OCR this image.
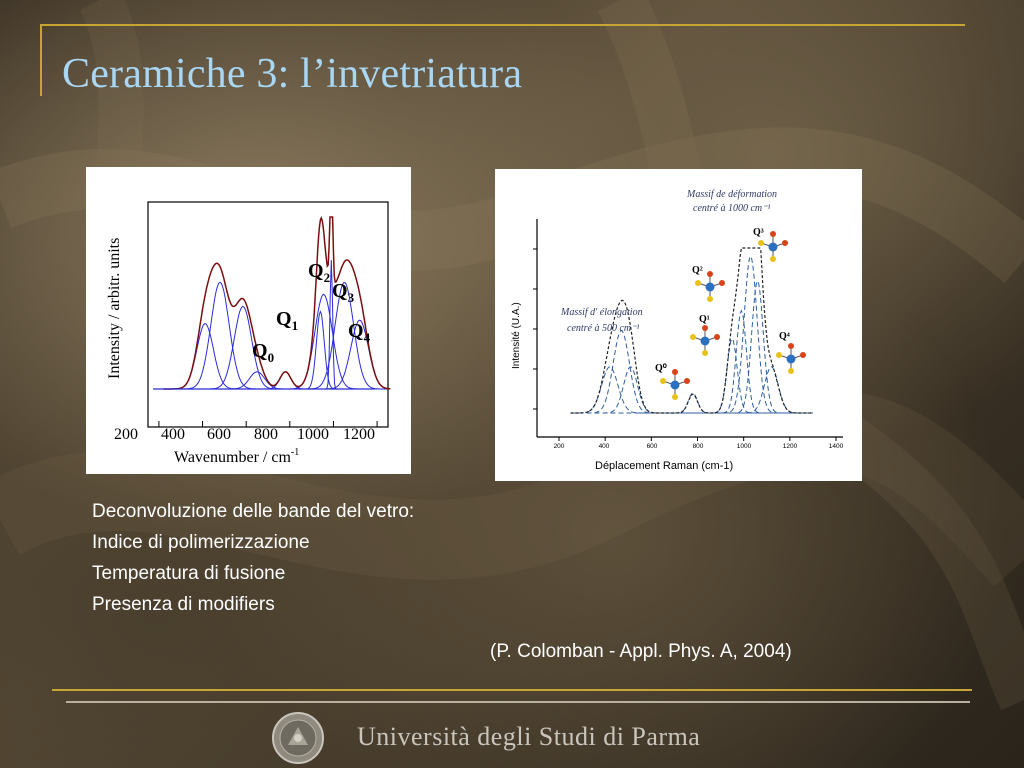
Ceramiche 3: l’invetriatura
$Q_2$
$Q_3$
$Q_1$ $Q_4$
$Q_0$
200 400 600 800 1000 1200
Wavenumber / $cm^{-1}$
Intensity / arbitr. units
200	400	600	800	1000	1200	1400
Déplacement Raman (cm-1)
Intensité (U.A.)
Massif de déformation
centré à 1000 cm⁻¹
Massif d' élongation
centré à 500 cm⁻¹
Q⁰
Q¹
Q²
Q³
Q⁴
Deconvoluzione delle bande del vetro:
Indice di polimerizzazione
Temperatura di fusione
Presenza di modifiers
(P. Colomban - Appl. Phys. A, 2004)
Università degli Studi di Parma
